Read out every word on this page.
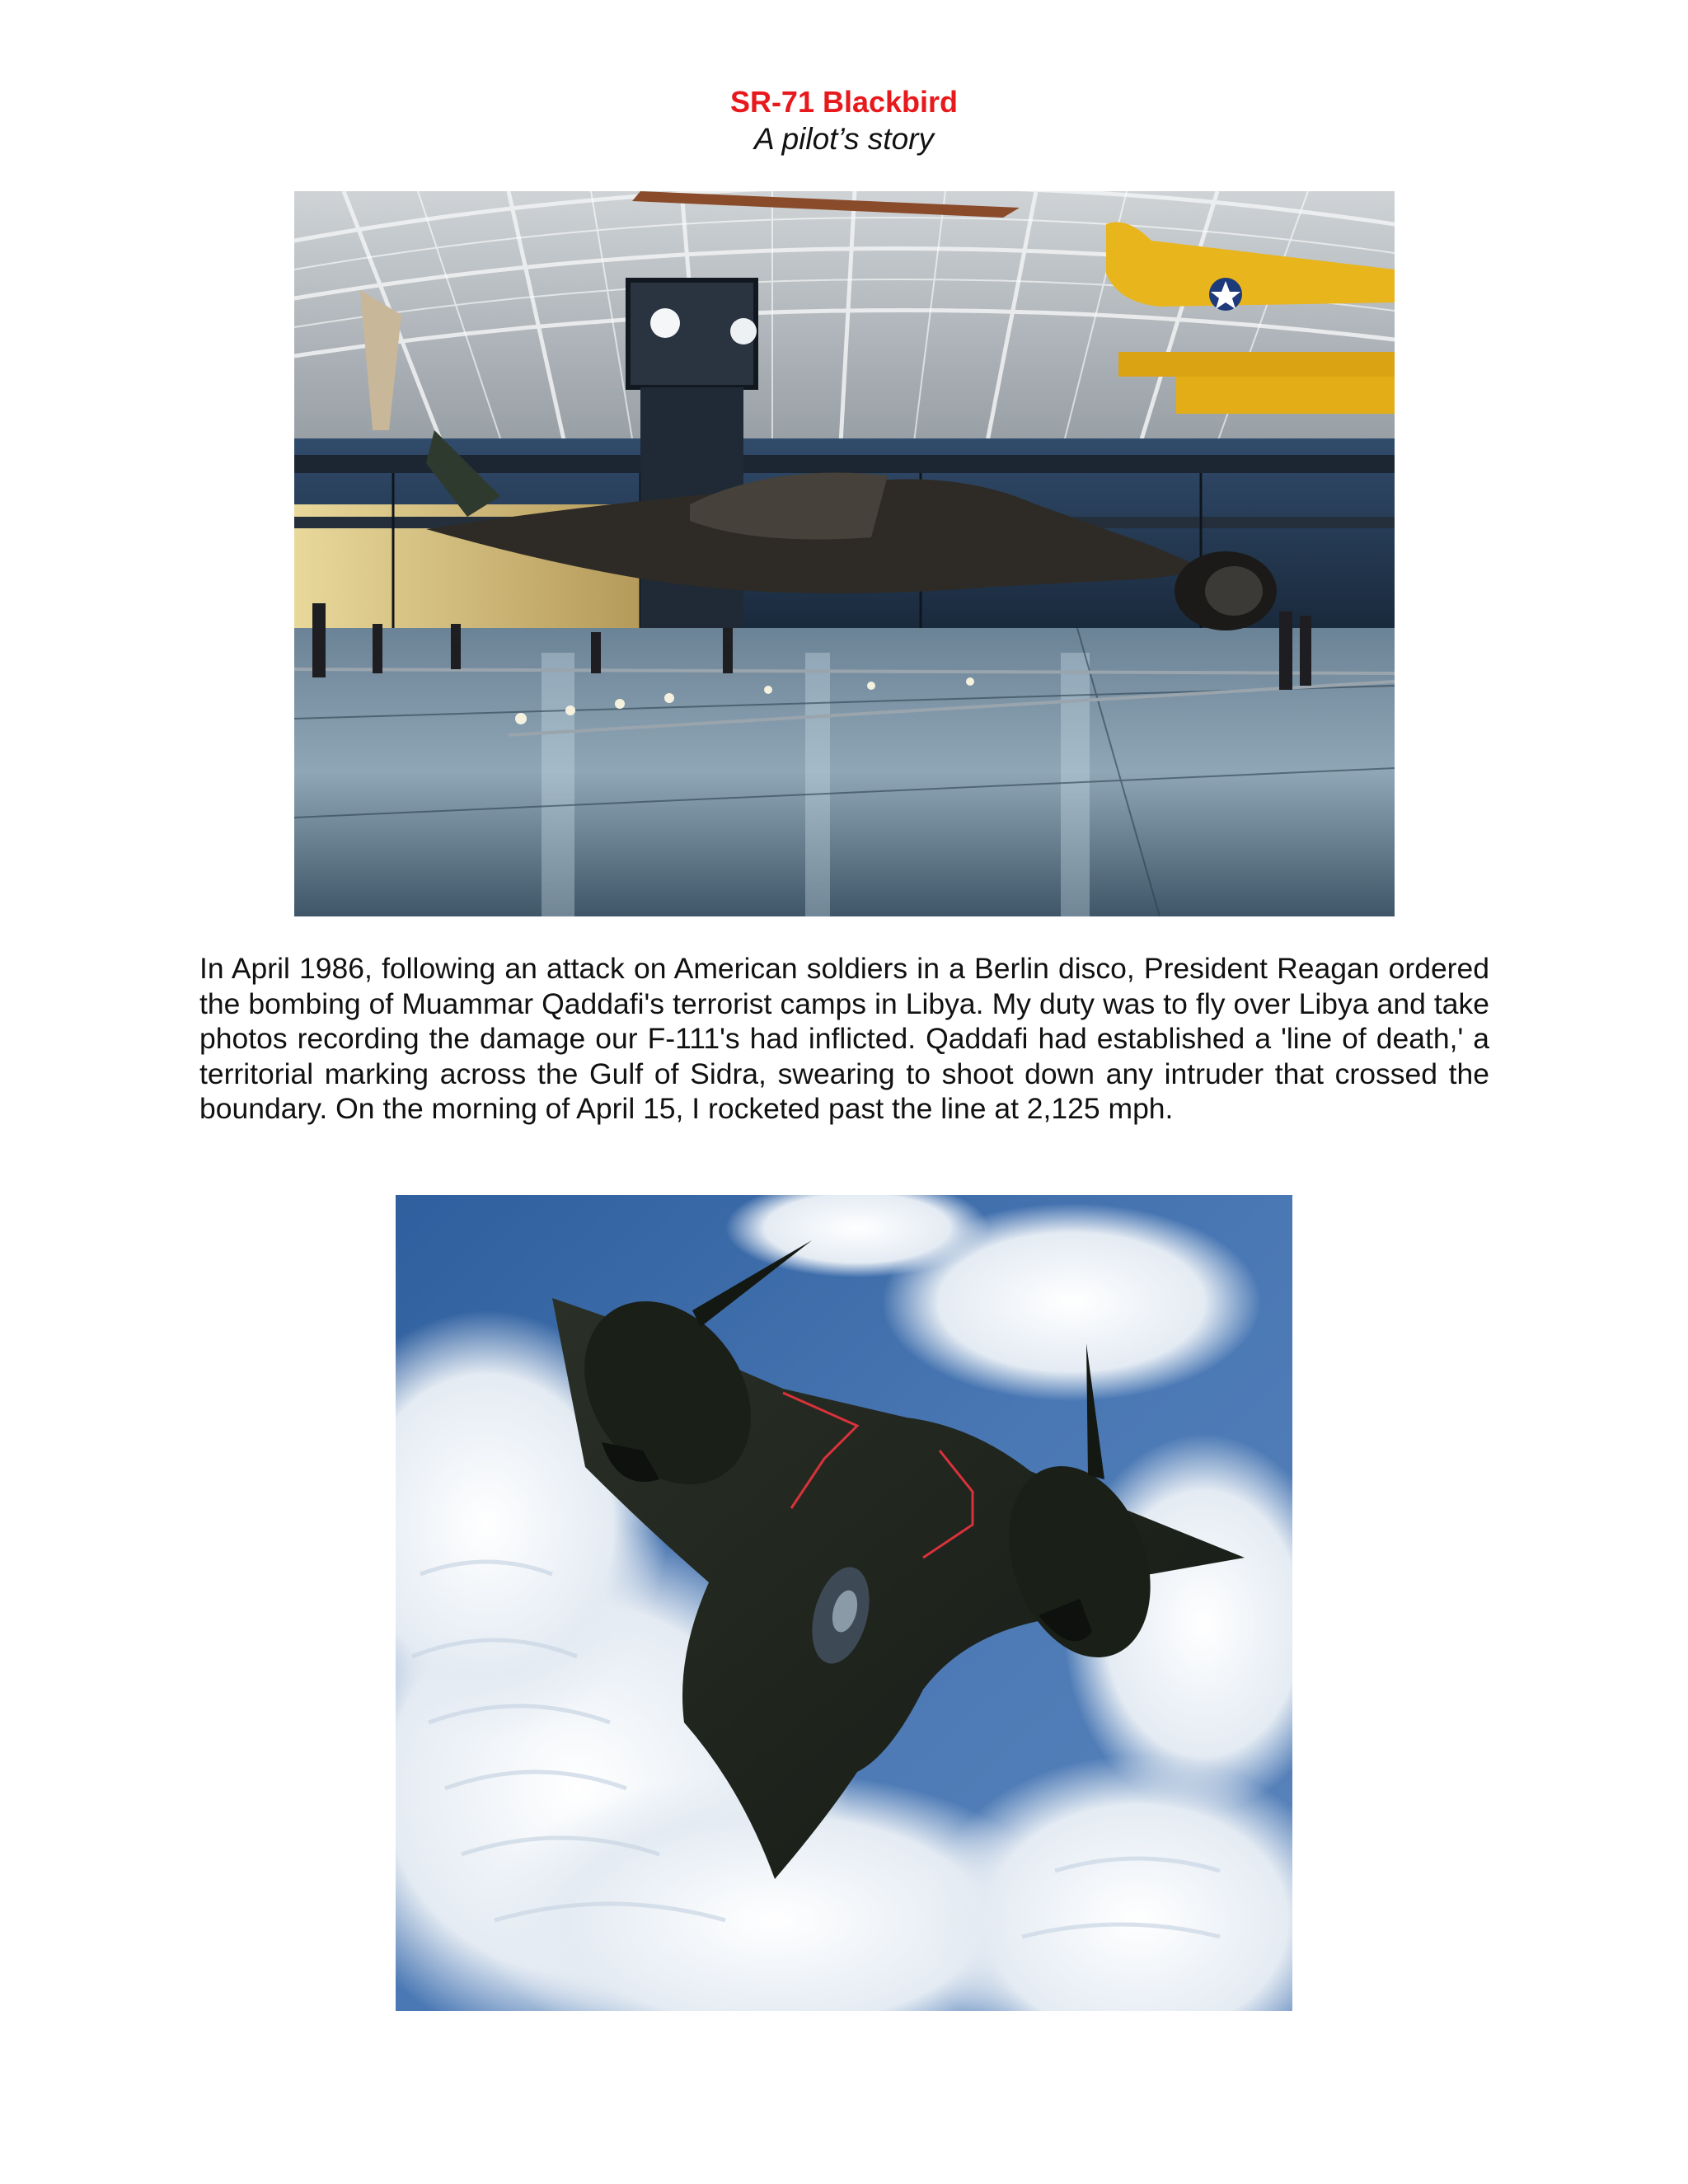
SR-71 Blackbird
A pilot’s story

In April 1986, following an attack on American soldiers in a Berlin disco, President Reagan ordered the bombing of Muammar Qaddafi's terrorist camps in Libya. My duty was to fly over Libya and take photos recording the damage our F-111's had inflicted. Qaddafi had established a 'line of death,' a territorial marking across the Gulf of Sidra, swearing to shoot down any intruder that crossed the boundary. On the morning of April 15, I rocketed past the line at 2,125 mph.
